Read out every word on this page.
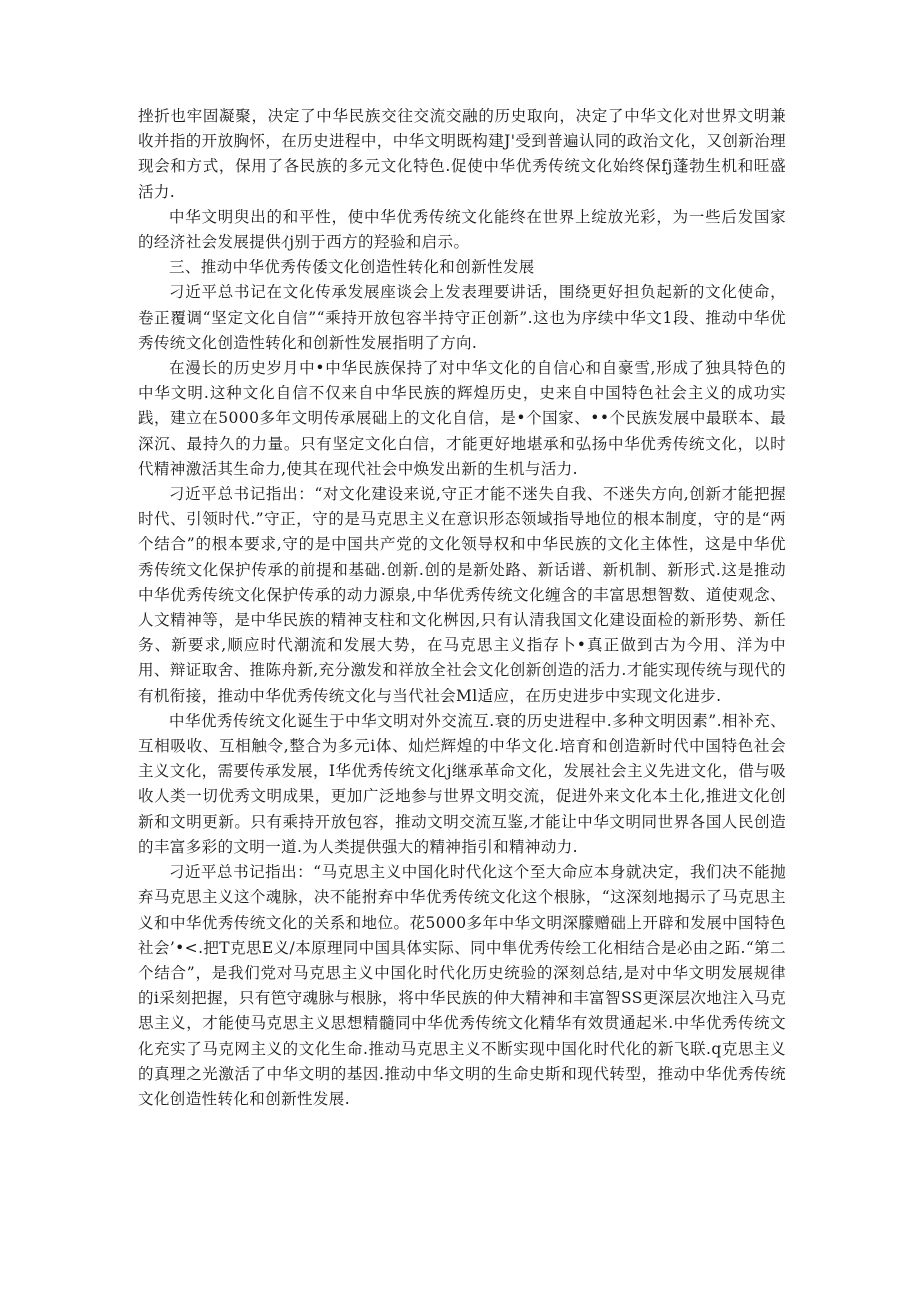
挫折也牢固凝聚，决定了中华民族交往交流交融的历史取向，决定了中华文化对世界文明兼收并指的开放胸怀，在历史进程中，中华文明既构建J'受到普遍认同的政治文化，又创新治理现会和方式，保用了各民族的多元文化特色.促使中华优秀传统文化始终保fj蓬勃生机和旺盛活力.

中华文明臾出的和平性，使中华优秀传统文化能终在世界上绽放光彩，为一些后发国家的经济社会发展提供ｲj别于西方的羟验和启示。

三、推动中华优秀传倭文化创造性转化和创新性发展

刁近平总书记在文化传承发展座谈会上发表理要讲话，围绕更好担负起新的文化使命，卷正覆调“坚定文化自信”“乘持开放包容半持守正创新”.这也为序续中华文1段、推动中华优秀传统文化创造性转化和创新性发展指明了方向.

在漫长的历史岁月中•中华民族保持了对中华文化的自信心和自豪雪,形成了独具特色的中华文明.这种文化自信不仅来自中华民族的辉煌历史，史来自中国特色社会主义的成功实践，建立在5000多年文明传承展础上的文化自信，是•个国家、••个民族发展中最联本、最深沉、最持久的力量。只有坚定文化白信，才能更好地堪承和弘扬中华优秀传统文化，以时代精神激活其生命力,使其在现代社会中焕发出新的生机与活力.

刁近平总书记指出：“对文化建设来说,守正才能不迷失自我、不迷失方向,创新才能把握时代、引领时代.”守正，守的是马克思主义在意识形态领域指导地位的根本制度，守的是“两个结合”的根本要求,守的是中国共产党的文化领导权和中华民族的文化主体性，这是中华优秀传统文化保护传承的前提和基础.创新.创的是新处路、新话谱、新机制、新形式.这是推动中华优秀传统文化保护传承的动力源泉,中华优秀传统文化缠含的丰富思想智数、道使观念、人文精神等，是中华民族的精神支柱和文化桝因,只有认清我国文化建设面检的新形势、新任务、新要求,顺应时代潮流和发展大势，在马克思主义指存卜•真正做到古为今用、洋为中用、辩证取舍、推陈舟新,充分激发和祥放全社会文化创新创造的活力.才能实现传统与现代的有机衔接，推动中华优秀传统文化与当代社会Ml适应，在历史进步中实现文化进步.

中华优秀传统文化诞生于中华文明对外交流互.衰的历史进程中.多种文明因素”.相补充、互相吸收、互相触令,整合为多元i体、灿烂辉煌的中华文化.培育和创造新时代中国特色社会主义文化，需要传承发展，I华优秀传统文化j继承革命文化，发展社会主义先进文化，借与吸收人类一切优秀文明成果，更加广泛地参与世界文明交流，促进外来文化本土化,推进文化创新和文明更新。只有乘持开放包容，推动文明交流互鉴,才能让中华文明同世界各国人民创造的丰富多彩的文明一道.为人类提供强大的精神指引和精神动力.

刁近平总书记指出：“马克思主义中国化时代化这个至大命应本身就决定，我们决不能抛弃马克思主义这个魂脉，决不能拊弃中华优秀传统文化这个根脉，“这深刻地揭示了马克思主义和中华优秀传统文化的关系和地位。花5000多年中华文明深朦赠础上开辟和发展中国特色社会’•<.把T克思E义/本原理同中国具体实际、同中隼优秀传绘工化相结合是必由之跖.“第二个结合”，是我们党对马克思主义中国化时代化历史统验的深刻总结,是对中华文明发展规律的i采刻把握，只有笆守魂脉与根脉，将中华民族的仲大精神和丰富智SS更深层次地注入马克思主义，才能使马克思主义思想精髓同中华优秀传统文化精华有效贯通起米.中华优秀传统文化充实了马克网主义的文化生命.推动马克思主义不断实现中国化时代化的新飞联.q克思主义的真理之光激活了中华文明的基因.推动中华文明的生命史斯和现代转型，推动中华优秀传统文化创造性转化和创新性发展.
